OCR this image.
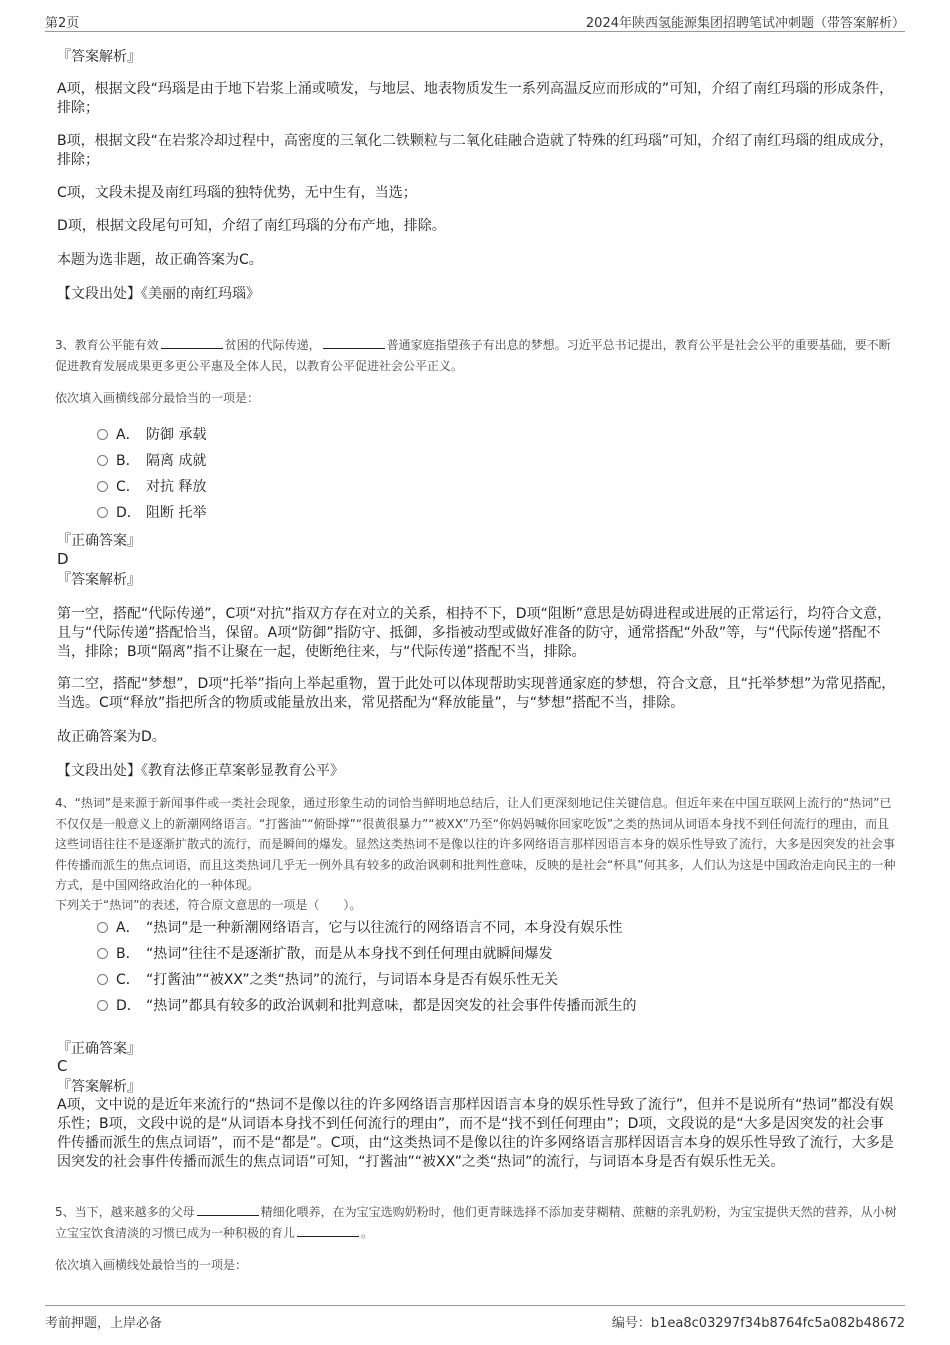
第2页	2024年陕西氢能源集团招聘笔试冲刺题（带答案解析）
『答案解析』
A项，根据文段“玛瑙是由于地下岩浆上涌或喷发，与地层、地表物质发生一系列高温反应而形成的”可知，介绍了南红玛瑙的形成条件，排除；
B项，根据文段“在岩浆冷却过程中，高密度的三氧化二铁颗粒与二氧化硅融合造就了特殊的红玛瑙”可知，介绍了南红玛瑙的组成成分，排除；
C项，文段未提及南红玛瑙的独特优势，无中生有，当选；
D项，根据文段尾句可知，介绍了南红玛瑙的分布产地，排除。
本题为选非题，故正确答案为C。
【文段出处】《美丽的南红玛瑙》
3、教育公平能有效	贫困的代际传递，	普通家庭指望孩子有出息的梦想。习近平总书记提出，教育公平是社会公平的重要基础，要不断促进教育发展成果更多更公平惠及全体人民，以教育公平促进社会公平正义。
依次填入画横线部分最恰当的一项是：
A． 防御 承载
B． 隔离 成就
C． 对抗 释放
D． 阻断 托举
『正确答案』
D
『答案解析』
第一空，搭配“代际传递”，C项“对抗”指双方存在对立的关系，相持不下，D项“阻断”意思是妨碍进程或进展的正常运行，均符合文意，且与“代际传递”搭配恰当，保留。A项“防御”指防守、抵御，多指被动型或做好准备的防守，通常搭配“外敌”等，与“代际传递”搭配不当，排除；B项“隔离”指不让聚在一起，使断绝往来，与“代际传递”搭配不当，排除。
第二空，搭配“梦想”，D项“托举”指向上举起重物，置于此处可以体现帮助实现普通家庭的梦想，符合文意，且“托举梦想”为常见搭配，当选。C项“释放”指把所含的物质或能量放出来，常见搭配为“释放能量”，与“梦想”搭配不当，排除。
故正确答案为D。
【文段出处】《教育法修正草案彰显教育公平》
4、“热词”是来源于新闻事件或一类社会现象，通过形象生动的词恰当鲜明地总结后，让人们更深刻地记住关键信息。但近年来在中国互联网上流行的“热词”已不仅仅是一般意义上的新潮网络语言。“打酱油”“俯卧撑”“很黄很暴力”“被XX”乃至“你妈妈喊你回家吃饭”之类的热词从词语本身找不到任何流行的理由，而且这些词语往往不是逐渐扩散式的流行，而是瞬间的爆发。显然这类热词不是像以往的许多网络语言那样因语言本身的娱乐性导致了流行，大多是因突发的社会事件传播而派生的焦点词语，而且这类热词几乎无一例外具有较多的政治讽刺和批判性意味，反映的是社会“杯具”何其多，人们认为这是中国政治走向民主的一种方式，是中国网络政治化的一种体现。
下列关于“热词”的表述，符合原文意思的一项是（　　）。
A． “热词”是一种新潮网络语言，它与以往流行的网络语言不同，本身没有娱乐性
B． “热词”往往不是逐渐扩散，而是从本身找不到任何理由就瞬间爆发
C． “打酱油”“被XX”之类“热词”的流行，与词语本身是否有娱乐性无关
D． “热词”都具有较多的政治讽刺和批判意味，都是因突发的社会事件传播而派生的
『正确答案』
C
『答案解析』
A项，文中说的是近年来流行的“热词不是像以往的许多网络语言那样因语言本身的娱乐性导致了流行”，但并不是说所有“热词”都没有娱乐性；B项，文段中说的是“从词语本身找不到任何流行的理由”，而不是“找不到任何理由”；D项，文段说的是“大多是因突发的社会事件传播而派生的焦点词语”，而不是“都是”。C项，由“这类热词不是像以往的许多网络语言那样因语言本身的娱乐性导致了流行，大多是因突发的社会事件传播而派生的焦点词语”可知，“打酱油”“被XX”之类“热词”的流行，与词语本身是否有娱乐性无关。
5、当下，越来越多的父母	精细化喂养，在为宝宝选购奶粉时，他们更青睐选择不添加麦芽糊精、蔗糖的亲乳奶粉，为宝宝提供天然的营养，从小树立宝宝饮食清淡的习惯已成为一种积极的育儿	。
依次填入画横线处最恰当的一项是：
考前押题，上岸必备	编号：b1ea8c03297f34b8764fc5a082b48672
